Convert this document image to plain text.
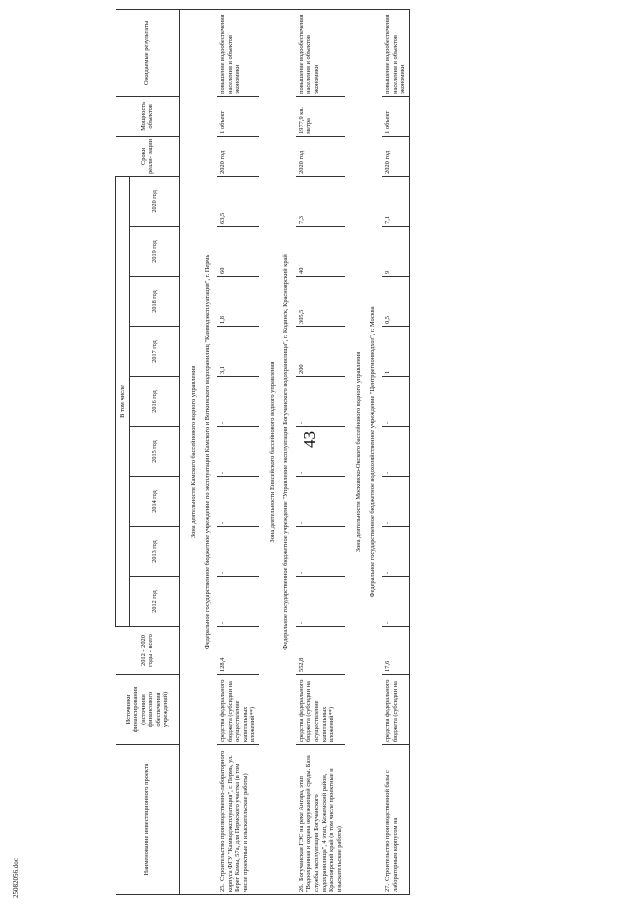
43
25082056.doc
Наименование инвестиционного проекта	Источники финансирования (источники финансового обеспечения учреждений)	2012 - 2020 годы - всего	В том числе									Сроки реали- зации	Мощность объектов	Ожидаемые результаты
			2012 год	2013 год	2014 год	2015 год	2016 год	2017 год	2018 год	2019 год	2020 год			
Зона деятельности Камского бассейнового водного управления														
Федеральное государственное бюджетное учреждение по эксплуатации Камского и Воткинского водохранилищ "Камводэксплуатация", г. Пермь														
25.Строительство производственно-лабораторного корпуса ФГУ "Камводэксплуатация", г. Пермь, ул. Берег Камы, 57а, для Пермского участка (в том числе проектные и изыскательские работы)	средства федерального бюджета (субсидии на осуществление капитальных вложений**)	128,4	-	-	-	-	-	3,1	1,8	60	63,5	2020 год	1 объект	повышение водообеспечения населения и объектов экономики
Зона деятельности Енисейского бассейнового водного управления														
Федеральное государственное бюджетное учреждение "Управление эксплуатации Богучанского водохранилища", г. Кодинск, Красноярский край														
26.Богучанская ГЭС на реке Ангара, этап "Водоохранная и охрана окружающей среды. База службы эксплуатации Богучанского водохранилища", 4 этап, Кежемский район, Красноярский край (в том числе проектные и изыскательские работы)	средства федерального бюджета (субсидии на осуществление капитальных вложений**)	552,8	-	-	-	-	-	200	305,5	40	7,3	2020 год	1977,9 кв. метра	повышение водообеспечения населения и объектов экономики
Зона деятельности Московско-Окского бассейнового водного управления														
Федеральное государственное бюджетное водохозяйственное учреждение "Центррегионводхоз", г. Москва														
27.Строительство производственной базы с лабораторным корпусом на	средства федерального бюджета (субсидии на	17,6	-	-	-	-	-	1	0,5	9	7,1	2020 год	1 объект	повышение водообеспечения населения и объектов экономики
